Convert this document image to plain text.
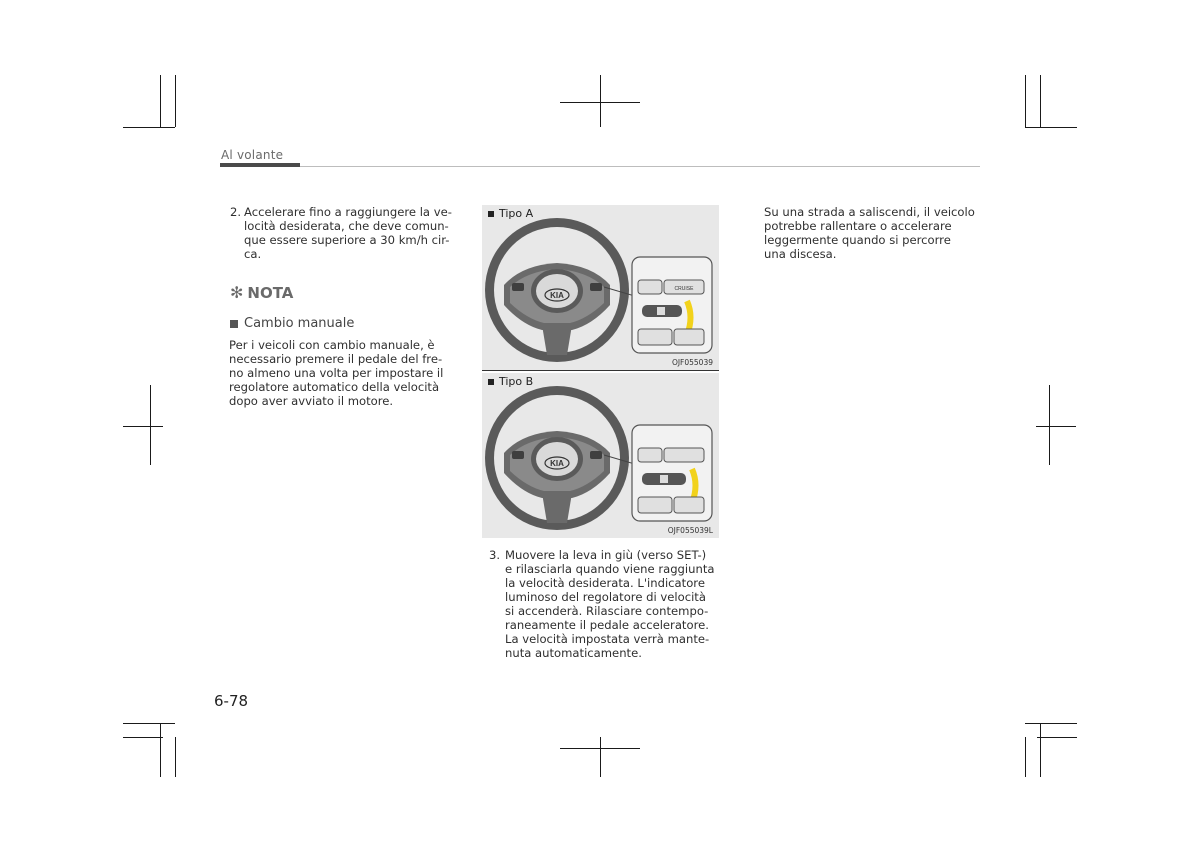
Al volante
2. Accelerare fino a raggiungere la ve-

locità desiderata, che deve comun-

que essere superiore a 30 km/h cir-

ca.

✻ NOTA
Cambio manuale

Per i veicoli con cambio manuale, è

necessario premere il pedale del fre-

no almeno una volta per impostare il

regolatore automatico della velocità

dopo aver avviato il motore.

KIA
CRUISE
Tipo A
OJF055039
KIA
Tipo B
OJF055039L
3. Muovere la leva in giù (verso SET-)

e rilasciarla quando viene raggiunta

la velocità desiderata. L'indicatore

luminoso del regolatore di velocità

si accenderà. Rilasciare contempo-

raneamente il pedale acceleratore.

La velocità impostata verrà mante-

nuta automaticamente.

Su una strada a saliscendi, il veicolo

potrebbe rallentare o accelerare

leggermente quando si percorre

una discesa.

6-78
